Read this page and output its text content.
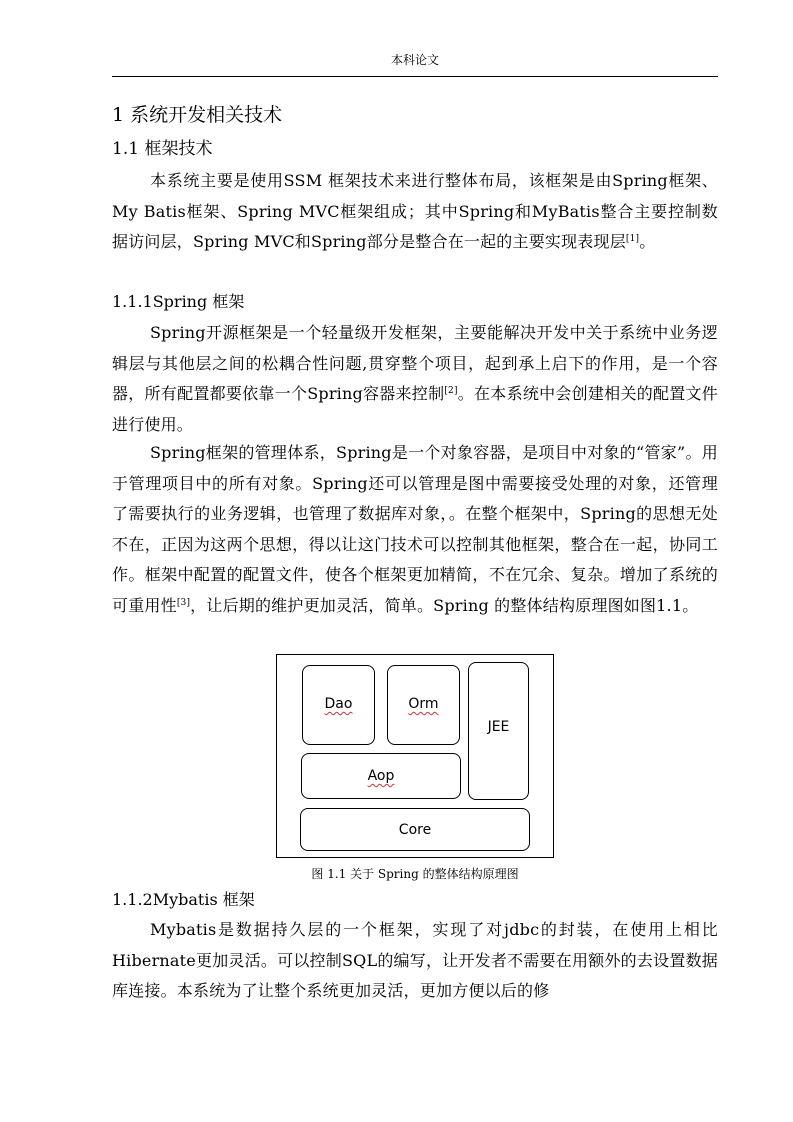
本科论文
1 系统开发相关技术
1.1 框架技术

本系统主要是使用SSM 框架技术来进行整体布局，该框架是由Spring框架、My Batis框架、Spring MVC框架组成；其中Spring和MyBatis整合主要控制数据访问层，Spring MVC和Spring部分是整合在一起的主要实现表现层[1]。

1.1.1Spring 框架

Spring开源框架是一个轻量级开发框架，主要能解决开发中关于系统中业务逻辑层与其他层之间的松耦合性问题,贯穿整个项目，起到承上启下的作用，是一个容器，所有配置都要依靠一个Spring容器来控制[2]。在本系统中会创建相关的配置文件进行使用。

Spring框架的管理体系，Spring是一个对象容器，是项目中对象的“管家”。用于管理项目中的所有对象。Spring还可以管理是图中需要接受处理的对象，还管理了需要执行的业务逻辑，也管理了数据库对象，。在整个框架中，Spring的思想无处不在，正因为这两个思想，得以让这门技术可以控制其他框架，整合在一起，协同工作。框架中配置的配置文件，使各个框架更加精简，不在冗余、复杂。增加了系统的可重用性[3]，让后期的维护更加灵活，简单。Spring 的整体结构原理图如图1.1。

Dao	Orm
JEE
Aop
Core
图 1.1 关于 Spring 的整体结构原理图
1.1.2Mybatis 框架

Mybatis是数据持久层的一个框架，实现了对jdbc的封装，在使用上相比Hibernate更加灵活。可以控制SQL的编写，让开发者不需要在用额外的去设置数据库连接。本系统为了让整个系统更加灵活，更加方便以后的修
